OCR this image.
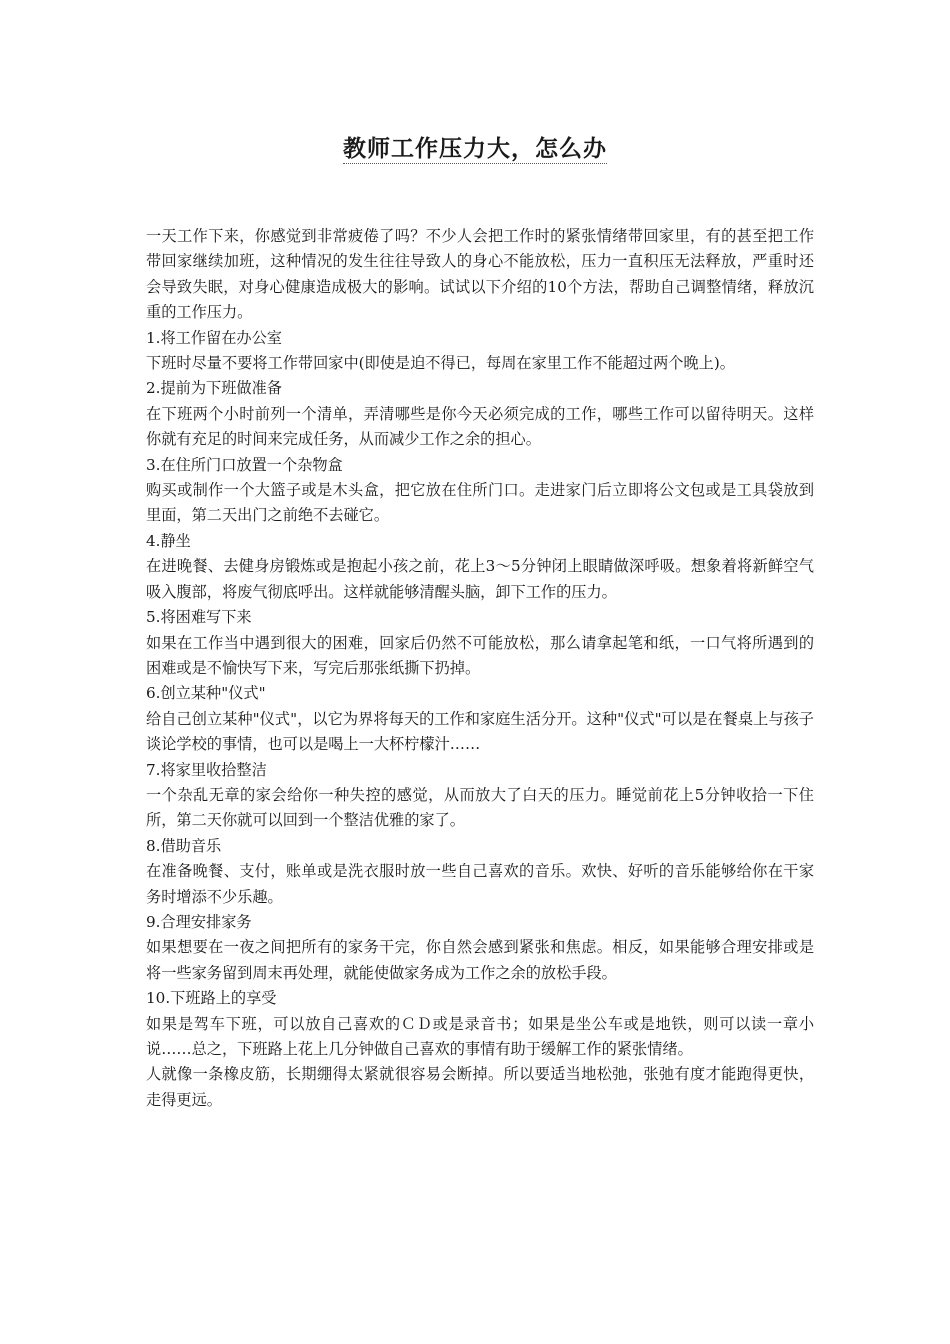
教师工作压力大，怎么办

一天工作下来，你感觉到非常疲倦了吗？不少人会把工作时的紧张情绪带回家里，有的甚至把工作带回家继续加班，这种情况的发生往往导致人的身心不能放松，压力一直积压无法释放，严重时还会导致失眠，对身心健康造成极大的影响。试试以下介绍的10个方法，帮助自己调整情绪，释放沉重的工作压力。

1.将工作留在办公室

下班时尽量不要将工作带回家中(即使是迫不得已，每周在家里工作不能超过两个晚上)。

2.提前为下班做准备

在下班两个小时前列一个清单，弄清哪些是你今天必须完成的工作，哪些工作可以留待明天。这样你就有充足的时间来完成任务，从而减少工作之余的担心。

3.在住所门口放置一个杂物盒

购买或制作一个大篮子或是木头盒，把它放在住所门口。走进家门后立即将公文包或是工具袋放到里面，第二天出门之前绝不去碰它。

4.静坐

在进晚餐、去健身房锻炼或是抱起小孩之前，花上3～5分钟闭上眼睛做深呼吸。想象着将新鲜空气吸入腹部，将废气彻底呼出。这样就能够清醒头脑，卸下工作的压力。

5.将困难写下来

如果在工作当中遇到很大的困难，回家后仍然不可能放松，那么请拿起笔和纸，一口气将所遇到的困难或是不愉快写下来，写完后那张纸撕下扔掉。

6.创立某种"仪式"

给自己创立某种"仪式"，以它为界将每天的工作和家庭生活分开。这种"仪式"可以是在餐桌上与孩子谈论学校的事情，也可以是喝上一大杯柠檬汁……

7.将家里收拾整洁

一个杂乱无章的家会给你一种失控的感觉，从而放大了白天的压力。睡觉前花上5分钟收拾一下住所，第二天你就可以回到一个整洁优雅的家了。

8.借助音乐

在准备晚餐、支付，账单或是洗衣服时放一些自己喜欢的音乐。欢快、好听的音乐能够给你在干家务时增添不少乐趣。

9.合理安排家务

如果想要在一夜之间把所有的家务干完，你自然会感到紧张和焦虑。相反，如果能够合理安排或是将一些家务留到周末再处理，就能使做家务成为工作之余的放松手段。

10.下班路上的享受

如果是驾车下班，可以放自己喜欢的ＣＤ或是录音书；如果是坐公车或是地铁，则可以读一章小说……总之，下班路上花上几分钟做自己喜欢的事情有助于缓解工作的紧张情绪。

人就像一条橡皮筋，长期绷得太紧就很容易会断掉。所以要适当地松弛，张弛有度才能跑得更快，走得更远。
